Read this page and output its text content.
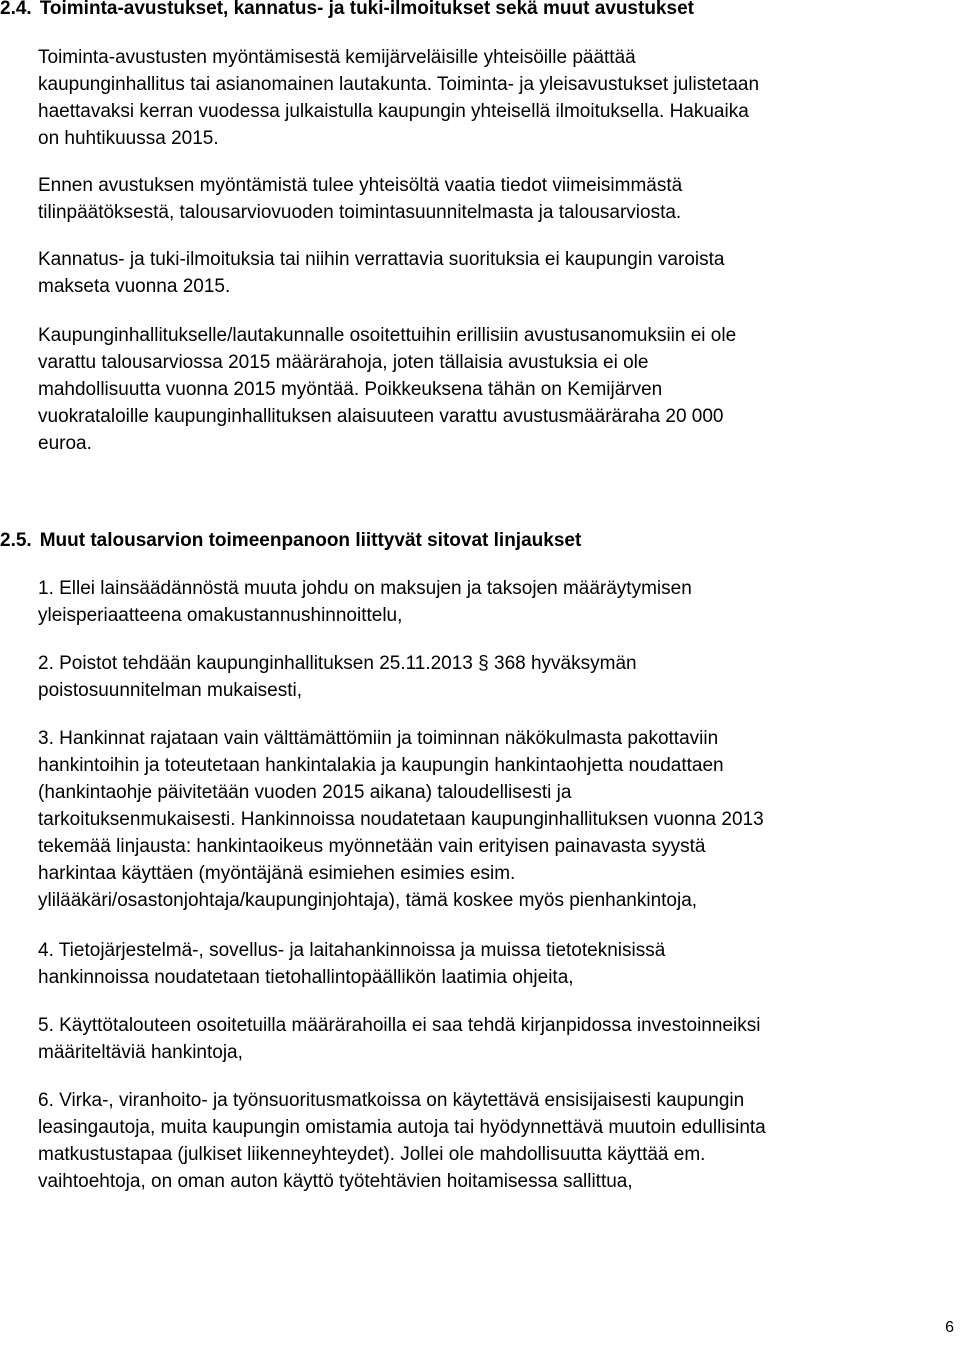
2.4. Toiminta-avustukset, kannatus- ja tuki-ilmoitukset sekä muut avustukset

Toiminta-avustusten myöntämisestä kemijärveläisille yhteisöille päättää
kaupunginhallitus tai asianomainen lautakunta. Toiminta- ja yleisavustukset julistetaan
haettavaksi kerran vuodessa julkaistulla kaupungin yhteisellä ilmoituksella. Hakuaika
on huhtikuussa 2015.

Ennen avustuksen myöntämistä tulee yhteisöltä vaatia tiedot viimeisimmästä
tilinpäätöksestä, talousarviovuoden toimintasuunnitelmasta ja talousarviosta.

Kannatus- ja tuki-ilmoituksia tai niihin verrattavia suorituksia ei kaupungin varoista
makseta vuonna 2015.

Kaupunginhallitukselle/lautakunnalle osoitettuihin erillisiin avustusanomuksiin ei ole
varattu talousarviossa 2015 määrärahoja, joten tällaisia avustuksia ei ole
mahdollisuutta vuonna 2015 myöntää. Poikkeuksena tähän on Kemijärven
vuokrataloille kaupunginhallituksen alaisuuteen varattu avustusmääräraha 20 000
euroa.

2.5. Muut talousarvion toimeenpanoon liittyvät sitovat linjaukset

1. Ellei lainsäädännöstä muuta johdu on maksujen ja taksojen määräytymisen
yleisperiaatteena omakustannushinnoittelu,

2. Poistot tehdään kaupunginhallituksen 25.11.2013 § 368 hyväksymän
poistosuunnitelman mukaisesti,

3. Hankinnat rajataan vain välttämättömiin ja toiminnan näkökulmasta pakottaviin
hankintoihin ja toteutetaan hankintalakia ja kaupungin hankintaohjetta noudattaen
(hankintaohje päivitetään vuoden 2015 aikana) taloudellisesti ja
tarkoituksenmukaisesti. Hankinnoissa noudatetaan kaupunginhallituksen vuonna 2013
tekemää linjausta: hankintaoikeus myönnetään vain erityisen painavasta syystä
harkintaa käyttäen (myöntäjänä esimiehen esimies esim.
ylilääkäri/osastonjohtaja/kaupunginjohtaja), tämä koskee myös pienhankintoja,

4. Tietojärjestelmä-, sovellus- ja laitahankinnoissa ja muissa tietoteknisissä
hankinnoissa noudatetaan tietohallintopäällikön laatimia ohjeita,

5. Käyttötalouteen osoitetuilla määrärahoilla ei saa tehdä kirjanpidossa investoinneiksi
määriteltäviä hankintoja,

6. Virka-, viranhoito- ja työnsuoritusmatkoissa on käytettävä ensisijaisesti kaupungin
leasingautoja, muita kaupungin omistamia autoja tai hyödynnettävä muutoin edullisinta
matkustustapaa (julkiset liikenneyhteydet). Jollei ole mahdollisuutta käyttää em.
vaihtoehtoja, on oman auton käyttö työtehtävien hoitamisessa sallittua,

6
